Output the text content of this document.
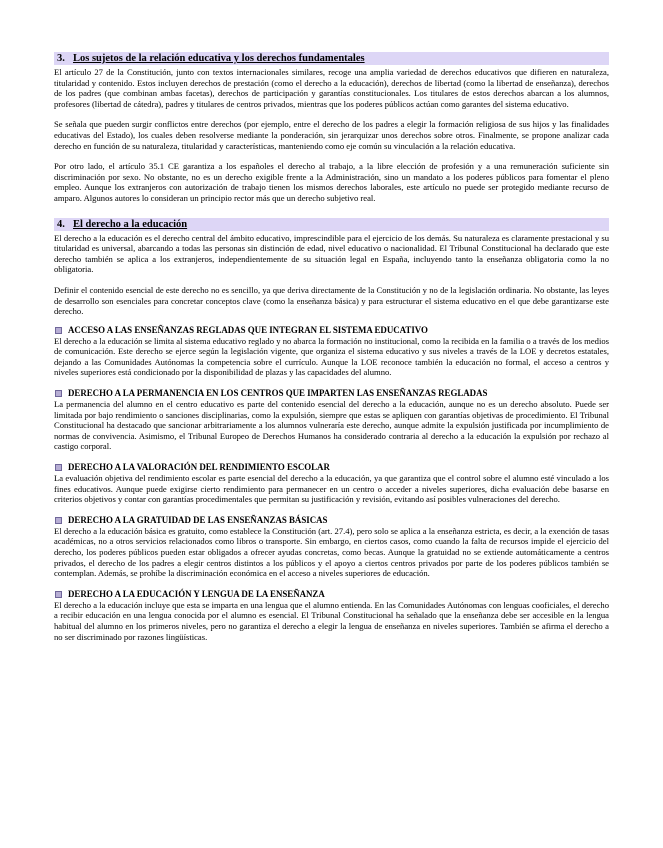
3. Los sujetos de la relación educativa y los derechos fundamentales

El artículo 27 de la Constitución, junto con textos internacionales similares, recoge una amplia variedad de derechos educativos que difieren en naturaleza, titularidad y contenido. Estos incluyen derechos de prestación (como el derecho a la educación), derechos de libertad (como la libertad de enseñanza), derechos de los padres (que combinan ambas facetas), derechos de participación y garantías constitucionales. Los titulares de estos derechos abarcan a los alumnos, profesores (libertad de cátedra), padres y titulares de centros privados, mientras que los poderes públicos actúan como garantes del sistema educativo.

Se señala que pueden surgir conflictos entre derechos (por ejemplo, entre el derecho de los padres a elegir la formación religiosa de sus hijos y las finalidades educativas del Estado), los cuales deben resolverse mediante la ponderación, sin jerarquizar unos derechos sobre otros. Finalmente, se propone analizar cada derecho en función de su naturaleza, titularidad y características, manteniendo como eje común su vinculación a la relación educativa.

Por otro lado, el artículo 35.1 CE garantiza a los españoles el derecho al trabajo, a la libre elección de profesión y a una remuneración suficiente sin discriminación por sexo. No obstante, no es un derecho exigible frente a la Administración, sino un mandato a los poderes públicos para fomentar el pleno empleo. Aunque los extranjeros con autorización de trabajo tienen los mismos derechos laborales, este artículo no puede ser protegido mediante recurso de amparo. Algunos autores lo consideran un principio rector más que un derecho subjetivo real.

4. El derecho a la educación

El derecho a la educación es el derecho central del ámbito educativo, imprescindible para el ejercicio de los demás. Su naturaleza es claramente prestacional y su titularidad es universal, abarcando a todas las personas sin distinción de edad, nivel educativo o nacionalidad. El Tribunal Constitucional ha declarado que este derecho también se aplica a los extranjeros, independientemente de su situación legal en España, incluyendo tanto la enseñanza obligatoria como la no obligatoria.

Definir el contenido esencial de este derecho no es sencillo, ya que deriva directamente de la Constitución y no de la legislación ordinaria. No obstante, las leyes de desarrollo son esenciales para concretar conceptos clave (como la enseñanza básica) y para estructurar el sistema educativo en el que debe garantizarse este derecho.

ACCESO A LAS ENSEÑANZAS REGLADAS QUE INTEGRAN EL SISTEMA EDUCATIVO

El derecho a la educación se limita al sistema educativo reglado y no abarca la formación no institucional, como la recibida en la familia o a través de los medios de comunicación. Este derecho se ejerce según la legislación vigente, que organiza el sistema educativo y sus niveles a través de la LOE y decretos estatales, dejando a las Comunidades Autónomas la competencia sobre el currículo. Aunque la LOE reconoce también la educación no formal, el acceso a centros y niveles superiores está condicionado por la disponibilidad de plazas y las capacidades del alumno.

DERECHO A LA PERMANENCIA EN LOS CENTROS QUE IMPARTEN LAS ENSEÑANZAS REGLADAS

La permanencia del alumno en el centro educativo es parte del contenido esencial del derecho a la educación, aunque no es un derecho absoluto. Puede ser limitada por bajo rendimiento o sanciones disciplinarias, como la expulsión, siempre que estas se apliquen con garantías objetivas de procedimiento. El Tribunal Constitucional ha destacado que sancionar arbitrariamente a los alumnos vulneraría este derecho, aunque admite la expulsión justificada por incumplimiento de normas de convivencia. Asimismo, el Tribunal Europeo de Derechos Humanos ha considerado contraria al derecho a la educación la expulsión por rechazo al castigo corporal.

DERECHO A LA VALORACIÓN DEL RENDIMIENTO ESCOLAR

La evaluación objetiva del rendimiento escolar es parte esencial del derecho a la educación, ya que garantiza que el control sobre el alumno esté vinculado a los fines educativos. Aunque puede exigirse cierto rendimiento para permanecer en un centro o acceder a niveles superiores, dicha evaluación debe basarse en criterios objetivos y contar con garantías procedimentales que permitan su justificación y revisión, evitando así posibles vulneraciones del derecho.

DERECHO A LA GRATUIDAD DE LAS ENSEÑANZAS BÁSICAS

El derecho a la educación básica es gratuito, como establece la Constitución (art. 27.4), pero solo se aplica a la enseñanza estricta, es decir, a la exención de tasas académicas, no a otros servicios relacionados como libros o transporte. Sin embargo, en ciertos casos, como cuando la falta de recursos impide el ejercicio del derecho, los poderes públicos pueden estar obligados a ofrecer ayudas concretas, como becas. Aunque la gratuidad no se extiende automáticamente a centros privados, el derecho de los padres a elegir centros distintos a los públicos y el apoyo a ciertos centros privados por parte de los poderes públicos también se contemplan. Además, se prohíbe la discriminación económica en el acceso a niveles superiores de educación.

DERECHO A LA EDUCACIÓN Y LENGUA DE LA ENSEÑANZA

El derecho a la educación incluye que esta se imparta en una lengua que el alumno entienda. En las Comunidades Autónomas con lenguas cooficiales, el derecho a recibir educación en una lengua conocida por el alumno es esencial. El Tribunal Constitucional ha señalado que la enseñanza debe ser accesible en la lengua habitual del alumno en los primeros niveles, pero no garantiza el derecho a elegir la lengua de enseñanza en niveles superiores. También se afirma el derecho a no ser discriminado por razones lingüísticas.
